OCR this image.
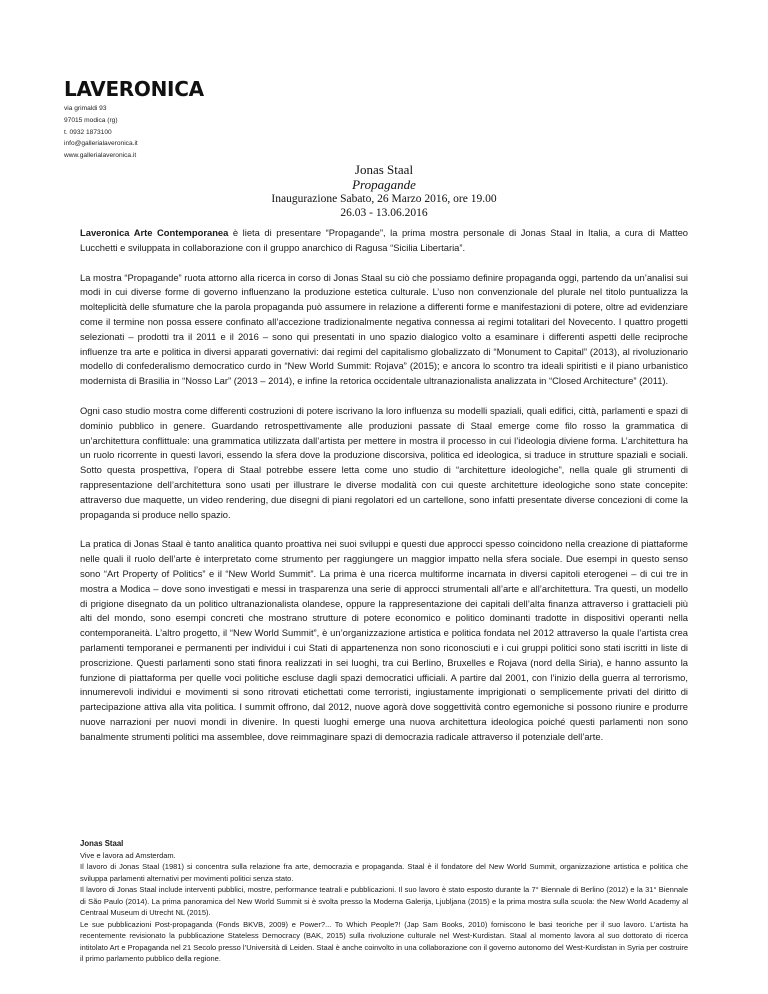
LAVERONICA
via grimaldi 93
97015 modica (rg)
t. 0932 1873100
info@gallerialaveronica.it
www.gallerialaveronica.it
Jonas Staal
Propagande
Inaugurazione Sabato, 26 Marzo 2016, ore 19.00
26.03 - 13.06.2016

Laveronica Arte Contemporanea è lieta di presentare “Propagande”, la prima mostra personale di Jonas Staal in Italia, a cura di Matteo Lucchetti e sviluppata in collaborazione con il gruppo anarchico di Ragusa “Sicilia Libertaria”.

La mostra “Propagande” ruota attorno alla ricerca in corso di Jonas Staal su ciò che possiamo definire propaganda oggi, partendo da un’analisi sui modi in cui diverse forme di governo influenzano la produzione estetica culturale. L’uso non convenzionale del plurale nel titolo puntualizza la molteplicità delle sfumature che la parola propaganda può assumere in relazione a differenti forme e manifestazioni di potere, oltre ad evidenziare come il termine non possa essere confinato all’accezione tradizionalmente negativa connessa ai regimi totalitari del Novecento. I quattro progetti selezionati – prodotti tra il 2011 e il 2016 – sono qui presentati in uno spazio dialogico volto a esaminare i differenti aspetti delle reciproche influenze tra arte e politica in diversi apparati governativi: dai regimi del capitalismo globalizzato di “Monument to Capital” (2013), al rivoluzionario modello di confederalismo democratico curdo in “New World Summit: Rojava” (2015); e ancora lo scontro tra ideali spiritisti e il piano urbanistico modernista di Brasilia in “Nosso Lar” (2013 – 2014), e infine la retorica occidentale ultranazionalista analizzata in “Closed Architecture” (2011).

Ogni caso studio mostra come differenti costruzioni di potere iscrivano la loro influenza su modelli spaziali, quali edifici, città, parlamenti e spazi di dominio pubblico in genere. Guardando retrospettivamente alle produzioni passate di Staal emerge come filo rosso la grammatica di un’architettura conflittuale: una grammatica utilizzata dall’artista per mettere in mostra il processo in cui l’ideologia diviene forma. L’architettura ha un ruolo ricorrente in questi lavori, essendo la sfera dove la produzione discorsiva, politica ed ideologica, si traduce in strutture spaziali e sociali. Sotto questa prospettiva, l’opera di Staal potrebbe essere letta come uno studio di “architetture ideologiche”, nella quale gli strumenti di rappresentazione dell’architettura sono usati per illustrare le diverse modalità con cui queste architetture ideologiche sono state concepite: attraverso due maquette, un video rendering, due disegni di piani regolatori ed un cartellone, sono infatti presentate diverse concezioni di come la propaganda si produce nello spazio.

La pratica di Jonas Staal è tanto analitica quanto proattiva nei suoi sviluppi e questi due approcci spesso coincidono nella creazione di piattaforme nelle quali il ruolo dell’arte è interpretato come strumento per raggiungere un maggior impatto nella sfera sociale. Due esempi in questo senso sono “Art Property of Politics” e il “New World Summit”. La prima è una ricerca multiforme incarnata in diversi capitoli eterogenei – di cui tre in mostra a Modica – dove sono investigati e messi in trasparenza una serie di approcci strumentali all’arte e all’architettura. Tra questi, un modello di prigione disegnato da un politico ultranazionalista olandese, oppure la rappresentazione dei capitali dell’alta finanza attraverso i grattacieli più alti del mondo, sono esempi concreti che mostrano strutture di potere economico e politico dominanti tradotte in dispositivi operanti nella contemporaneità. L’altro progetto, il “New World Summit”, è un’organizzazione artistica e politica fondata nel 2012 attraverso la quale l’artista crea parlamenti temporanei e permanenti per individui i cui Stati di appartenenza non sono riconosciuti e i cui gruppi politici sono stati iscritti in liste di proscrizione. Questi parlamenti sono stati finora realizzati in sei luoghi, tra cui Berlino, Bruxelles e Rojava (nord della Siria), e hanno assunto la funzione di piattaforma per quelle voci politiche escluse dagli spazi democratici ufficiali. A partire dal 2001, con l’inizio della guerra al terrorismo, innumerevoli individui e movimenti si sono ritrovati etichettati come terroristi, ingiustamente imprigionati o semplicemente privati del diritto di partecipazione attiva alla vita politica. I summit offrono, dal 2012, nuove agorà dove soggettività contro egemoniche si possono riunire e produrre nuove narrazioni per nuovi mondi in divenire. In questi luoghi emerge una nuova architettura ideologica poiché questi parlamenti non sono banalmente strumenti politici ma assemblee, dove reimmaginare spazi di democrazia radicale attraverso il potenziale dell’arte.

Jonas Staal

Vive e lavora ad Amsterdam.

Il lavoro di Jonas Staal (1981) si concentra sulla relazione fra arte, democrazia e propaganda. Staal è il fondatore del New World Summit, organizzazione artistica e politica che sviluppa parlamenti alternativi per movimenti politici senza stato.

Il lavoro di Jonas Staal include interventi pubblici, mostre, performance teatrali e pubblicazioni. Il suo lavoro è stato esposto durante la 7° Biennale di Berlino (2012) e la 31° Biennale di São Paulo (2014). La prima panoramica del New World Summit si è svolta presso la Moderna Galerija, Ljubljana (2015) e la prima mostra sulla scuola: the New World Academy al Centraal Museum di Utrecht NL (2015).

Le sue pubblicazioni Post-propaganda (Fonds BKVB, 2009) e Power?... To Which People?! (Jap Sam Books, 2010) forniscono le basi teoriche per il suo lavoro. L’artista ha recentemente revisionato la pubblicazione Stateless Democracy (BAK, 2015) sulla rivoluzione culturale nel West-Kurdistan. Staal al momento lavora al suo dottorato di ricerca intitolato Art e Propaganda nel 21 Secolo presso l’Università di Leiden. Staal è anche coinvolto in una collaborazione con il governo autonomo del West-Kurdistan in Syria per costruire il primo parlamento pubblico della regione.
